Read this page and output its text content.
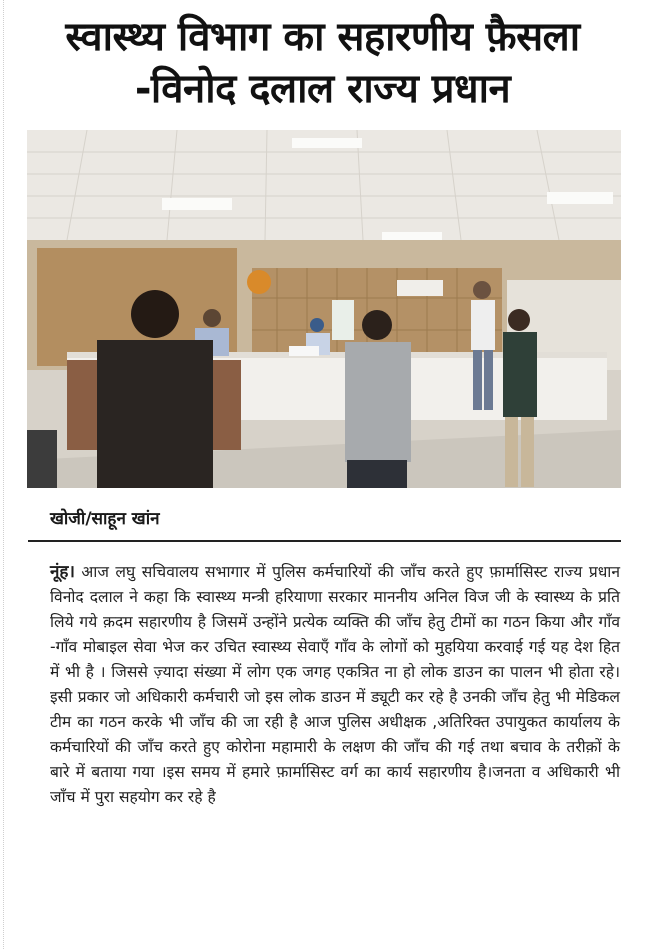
स्वास्थ्य विभाग का सहारणीय फ़ैसला
-विनोद दलाल राज्य प्रधान
खोजी/साहून खांन
नूंह। आज लघु सचिवालय सभागार में पुलिस कर्मचारियों की जाँच करते हुए फ़ार्मासिस्ट राज्य प्रधान विनोद दलाल ने कहा कि स्वास्थ्य मन्त्री हरियाणा सरकार माननीय अनिल विज जी के स्वास्थ्य के प्रति लिये गये क़दम सहारणीय है जिसमें उन्होंने प्रत्येक व्यक्ति की जाँच हेतु टीमों का गठन किया और गाँव -गाँव मोबाइल सेवा भेज कर उचित स्वास्थ्य सेवाएँ गाँव के लोगों को मुहयिया करवाई गई यह देश हित में भी है । जिससे ज़्यादा संख्या में लोग एक जगह एकत्रित ना हो लोक डाउन का पालन भी होता रहे।इसी प्रकार जो अधिकारी कर्मचारी जो इस लोक डाउन में ड्यूटी कर रहे है उनकी जाँच हेतु भी मेडिकल टीम का गठन करके भी जाँच की जा रही है आज पुलिस अधीक्षक ,अतिरिक्त उपायुकत कार्यालय के कर्मचारियों की जाँच करते हुए कोरोना महामारी के लक्षण की जाँच की गई तथा बचाव के तरीक़ों के बारे में बताया गया ।इस समय में हमारे फ़ार्मासिस्ट वर्ग का कार्य सहारणीय है।जनता व अधिकारी भी जाँच में पुरा सहयोग कर रहे है
